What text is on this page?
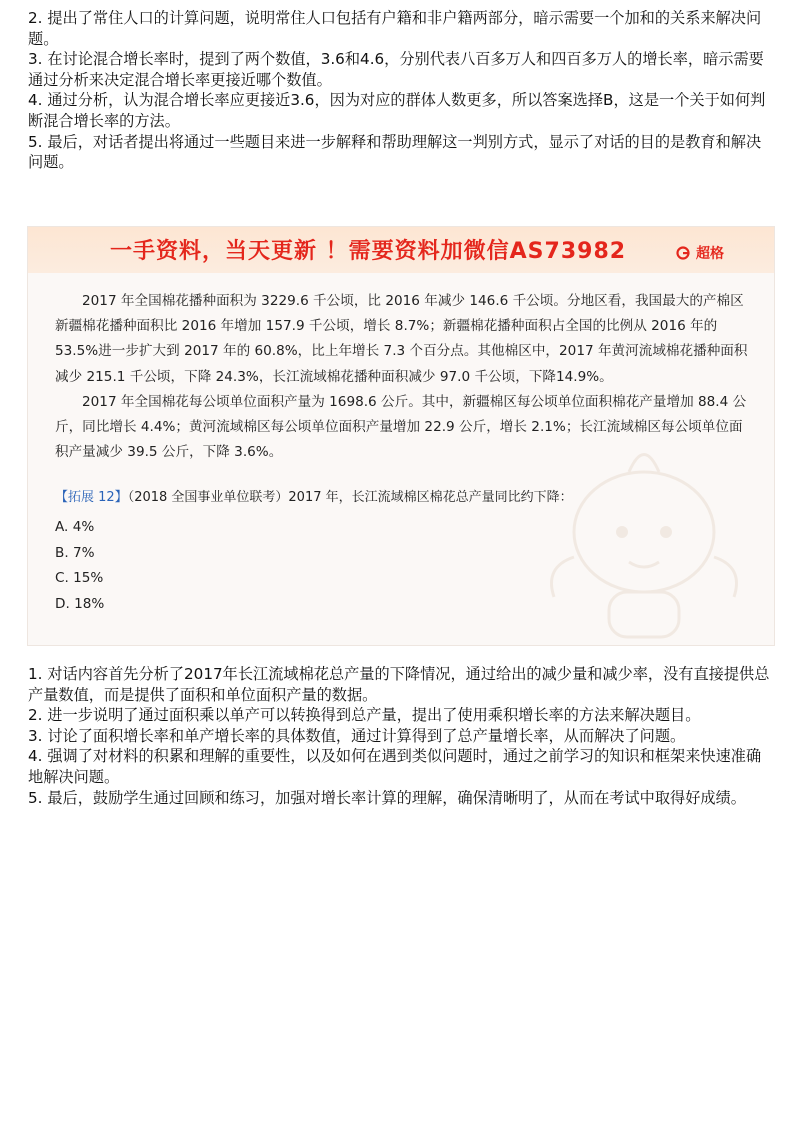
2. 提出了常住人口的计算问题，说明常住人口包括有户籍和非户籍两部分，暗示需要一个加和的关系来解决问题。

3. 在讨论混合增长率时，提到了两个数值，3.6和4.6，分别代表八百多万人和四百多万人的增长率，暗示需要通过分析来决定混合增长率更接近哪个数值。

4. 通过分析，认为混合增长率应更接近3.6，因为对应的群体人数更多，所以答案选择B，这是一个关于如何判断混合增长率的方法。

5. 最后，对话者提出将通过一些题目来进一步解释和帮助理解这一判别方式，显示了对话的目的是教育和解决问题。

一手资料，当天更新 ！需要资料加微信AS73982	超格

2017 年全国棉花播种面积为 3229.6 千公顷，比 2016 年减少 146.6 千公顷。分地区看，我国最大的产棉区新疆棉花播种面积比 2016 年增加 157.9 千公顷，增长 8.7%；新疆棉花播种面积占全国的比例从 2016 年的 53.5%进一步扩大到 2017 年的 60.8%，比上年增长 7.3 个百分点。其他棉区中，2017 年黄河流域棉花播种面积减少 215.1 千公顷，下降 24.3%，长江流域棉花播种面积减少 97.0 千公顷，下降14.9%。

2017 年全国棉花每公顷单位面积产量为 1698.6 公斤。其中，新疆棉区每公顷单位面积棉花产量增加 88.4 公斤，同比增长 4.4%；黄河流域棉区每公顷单位面积产量增加 22.9 公斤，增长 2.1%；长江流域棉区每公顷单位面积产量减少 39.5 公斤，下降 3.6%。

【拓展 12】（2018 全国事业单位联考）2017 年，长江流域棉区棉花总产量同比约下降：
A. 4%
B. 7%
C. 15%
D. 18%

1. 对话内容首先分析了2017年长江流域棉花总产量的下降情况，通过给出的减少量和减少率，没有直接提供总产量数值，而是提供了面积和单位面积产量的数据。

2. 进一步说明了通过面积乘以单产可以转换得到总产量，提出了使用乘积增长率的方法来解决题目。

3. 讨论了面积增长率和单产增长率的具体数值，通过计算得到了总产量增长率，从而解决了问题。

4. 强调了对材料的积累和理解的重要性，以及如何在遇到类似问题时，通过之前学习的知识和框架来快速准确地解决问题。

5. 最后，鼓励学生通过回顾和练习，加强对增长率计算的理解，确保清晰明了，从而在考试中取得好成绩。
